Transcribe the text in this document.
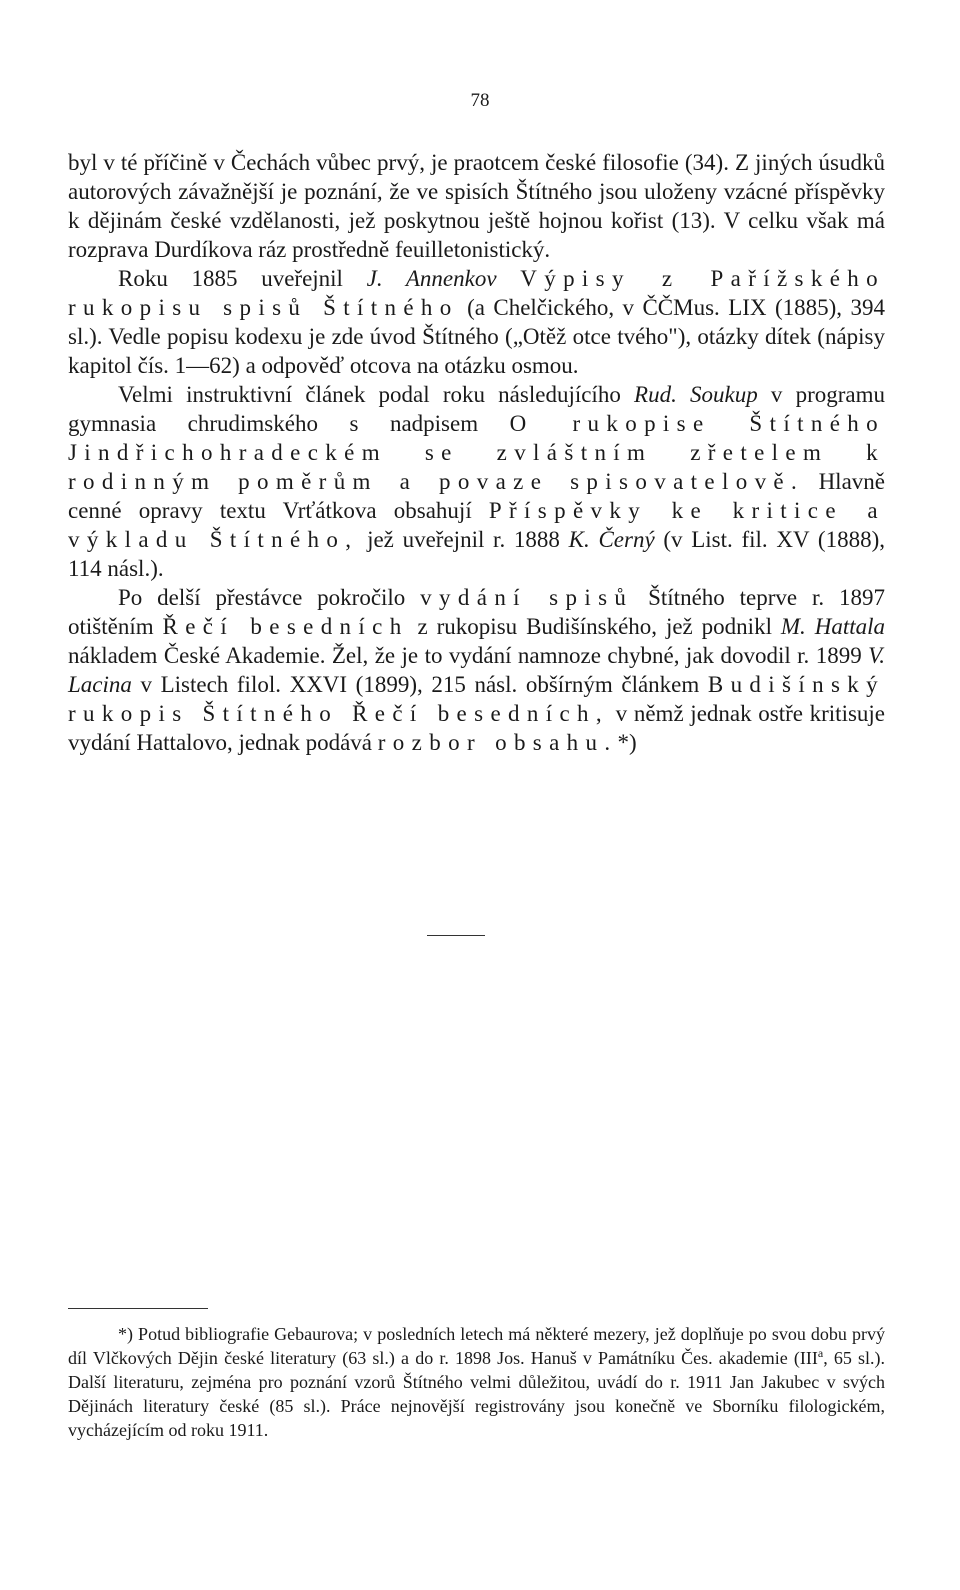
78

byl v té příčině v Čechách vůbec prvý, je praotcem české filosofie (34). Z jiných úsudků autorových závažnější je poznání, že ve spisích Štítného jsou uloženy vzácné příspěvky k dějinám české vzdělanosti, jež poskytnou ještě hojnou kořist (13). V celku však má rozprava Durdíkova ráz prostředně feuilletonistický.

Roku 1885 uveřejnil J. Annenkov Výpisy z Pařížského rukopisu spisů Štítného (a Chelčického, v ČČMus. LIX (1885), 394 sl.). Vedle popisu kodexu je zde úvod Štítného („Otěž otce tvého"), otázky dítek (nápisy kapitol čís. 1—62) a odpověď otcova na otázku osmou.

Velmi instruktivní článek podal roku následujícího Rud. Soukup v programu gymnasia chrudimského s nadpisem O rukopise Štítného Jindřichohradeckém se zvláštním zřetelem k rodinným poměrům a povaze spisovatelově. Hlavně cenné opravy textu Vrťátkova obsahují Příspěvky ke kritice a výkladu Štítného, jež uveřejnil r. 1888 K. Černý (v List. fil. XV (1888), 114 násl.).

Po delší přestávce pokročilo vydání spisů Štítného teprve r. 1897 otištěním Řečí besedních z rukopisu Budišínského, jež podnikl M. Hattala nákladem České Akademie. Žel, že je to vydání namnoze chybné, jak dovodil r. 1899 V. Lacina v Listech filol. XXVI (1899), 215 násl. obšírným článkem Budišínský rukopis Štítného Řečí besedních, v němž jednak ostře kritisuje vydání Hattalovo, jednak podává rozbor obsahu.*)

*) Potud bibliografie Gebaurova; v posledních letech má některé mezery, jež doplňuje po svou dobu prvý díl Vlčkových Dějin české literatury (63 sl.) a do r. 1898 Jos. Hanuš v Památníku Čes. akademie (III$^a$, 65 sl.). Další literaturu, zejména pro poznání vzorů Štítného velmi důležitou, uvádí do r. 1911 Jan Jakubec v svých Dějinách literatury české (85 sl.). Práce nejnovější registrovány jsou konečně ve Sborníku filologickém, vycházejícím od roku 1911.
